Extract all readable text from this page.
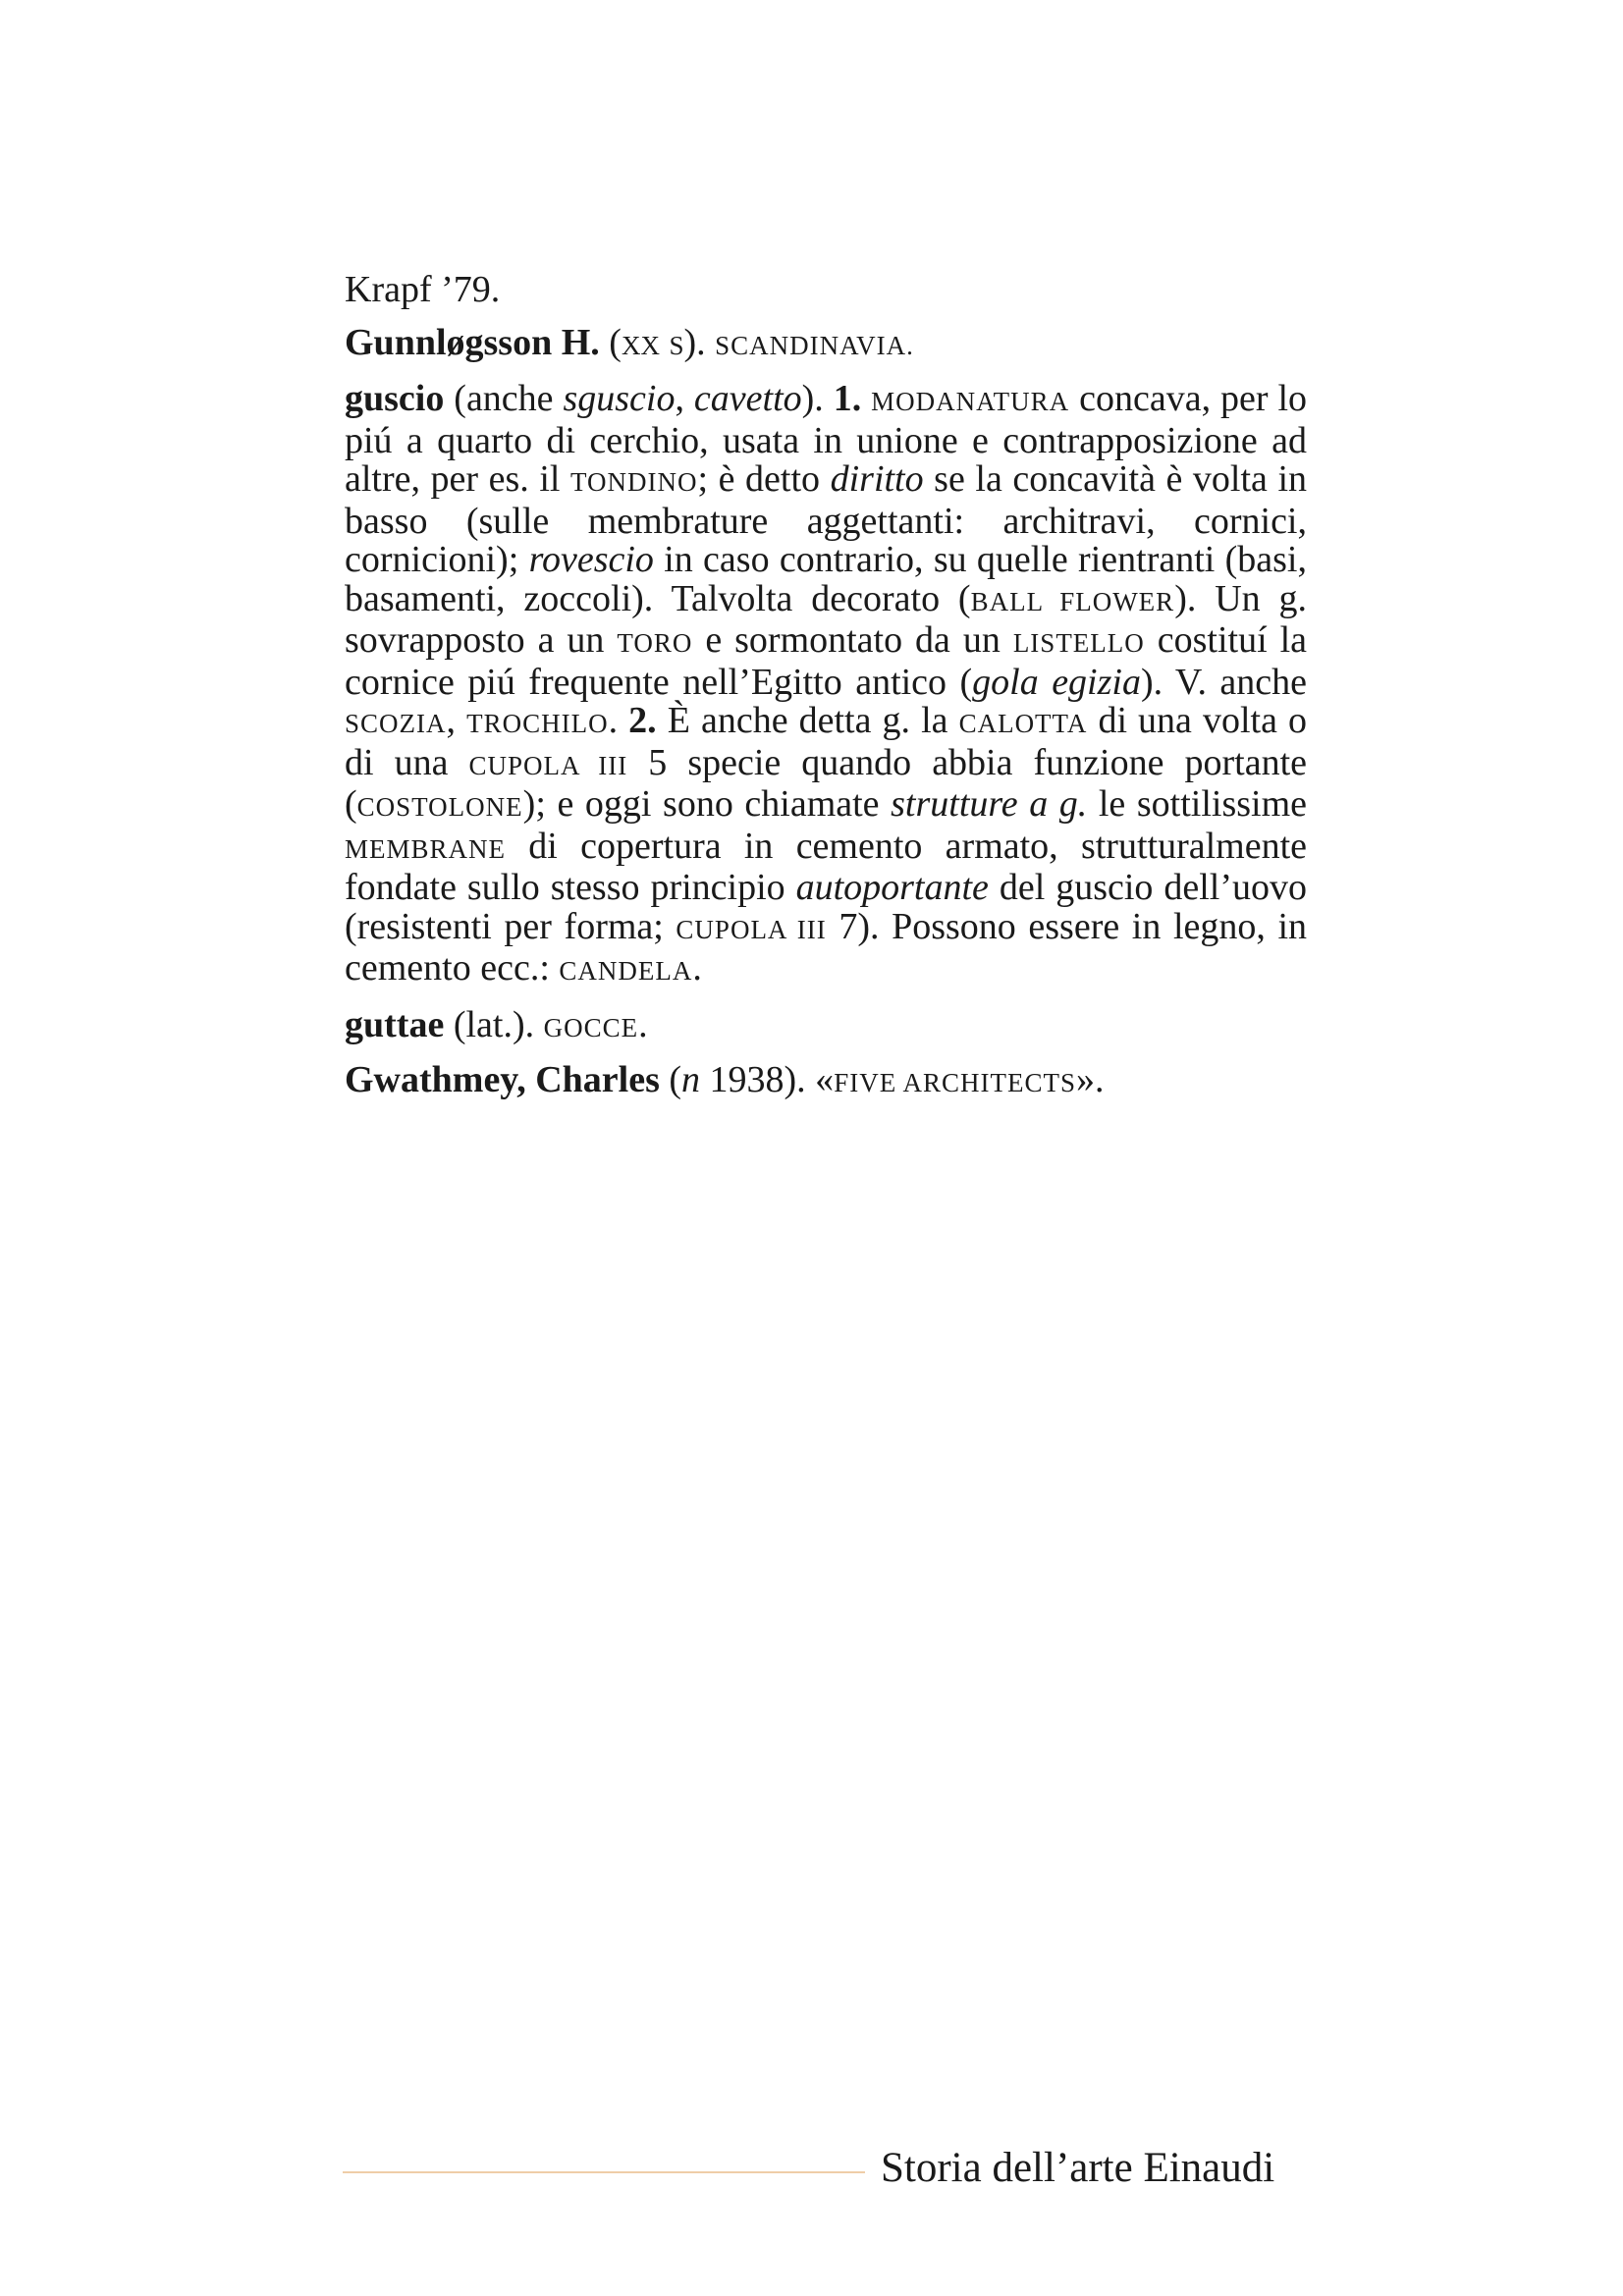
Krapf ’79.

Gunnløgsson H. (xx s). SCANDINAVIA.

guscio (anche sguscio, cavetto). 1. MODANATURA concava, per lo piú a quarto di cerchio, usata in unione e contrapposizione ad altre, per es. il TONDINO; è detto diritto se la concavità è volta in basso (sulle membrature aggettanti: architravi, cornici, cornicioni); rovescio in caso contrario, su quelle rientranti (basi, basamenti, zoccoli). Talvolta decorato (BALL FLOWER). Un g. sovrapposto a un TORO e sormontato da un LISTELLO costituí la cornice piú frequente nell’Egitto antico (gola egizia). V. anche SCOZIA, TROCHILO. 2. È anche detta g. la CALOTTA di una volta o di una CUPOLA III 5 specie quando abbia funzione portante (COSTOLONE); e oggi sono chiamate strutture a g. le sottilissime MEMBRANE di copertura in cemento armato, strutturalmente fondate sullo stesso principio autoportante del guscio dell’uovo (resistenti per forma; CUPOLA III 7). Possono essere in legno, in cemento ecc.: CANDELA.

guttae (lat.). GOCCE.

Gwathmey, Charles (n 1938). «FIVE ARCHITECTS».

Storia dell’arte Einaudi
